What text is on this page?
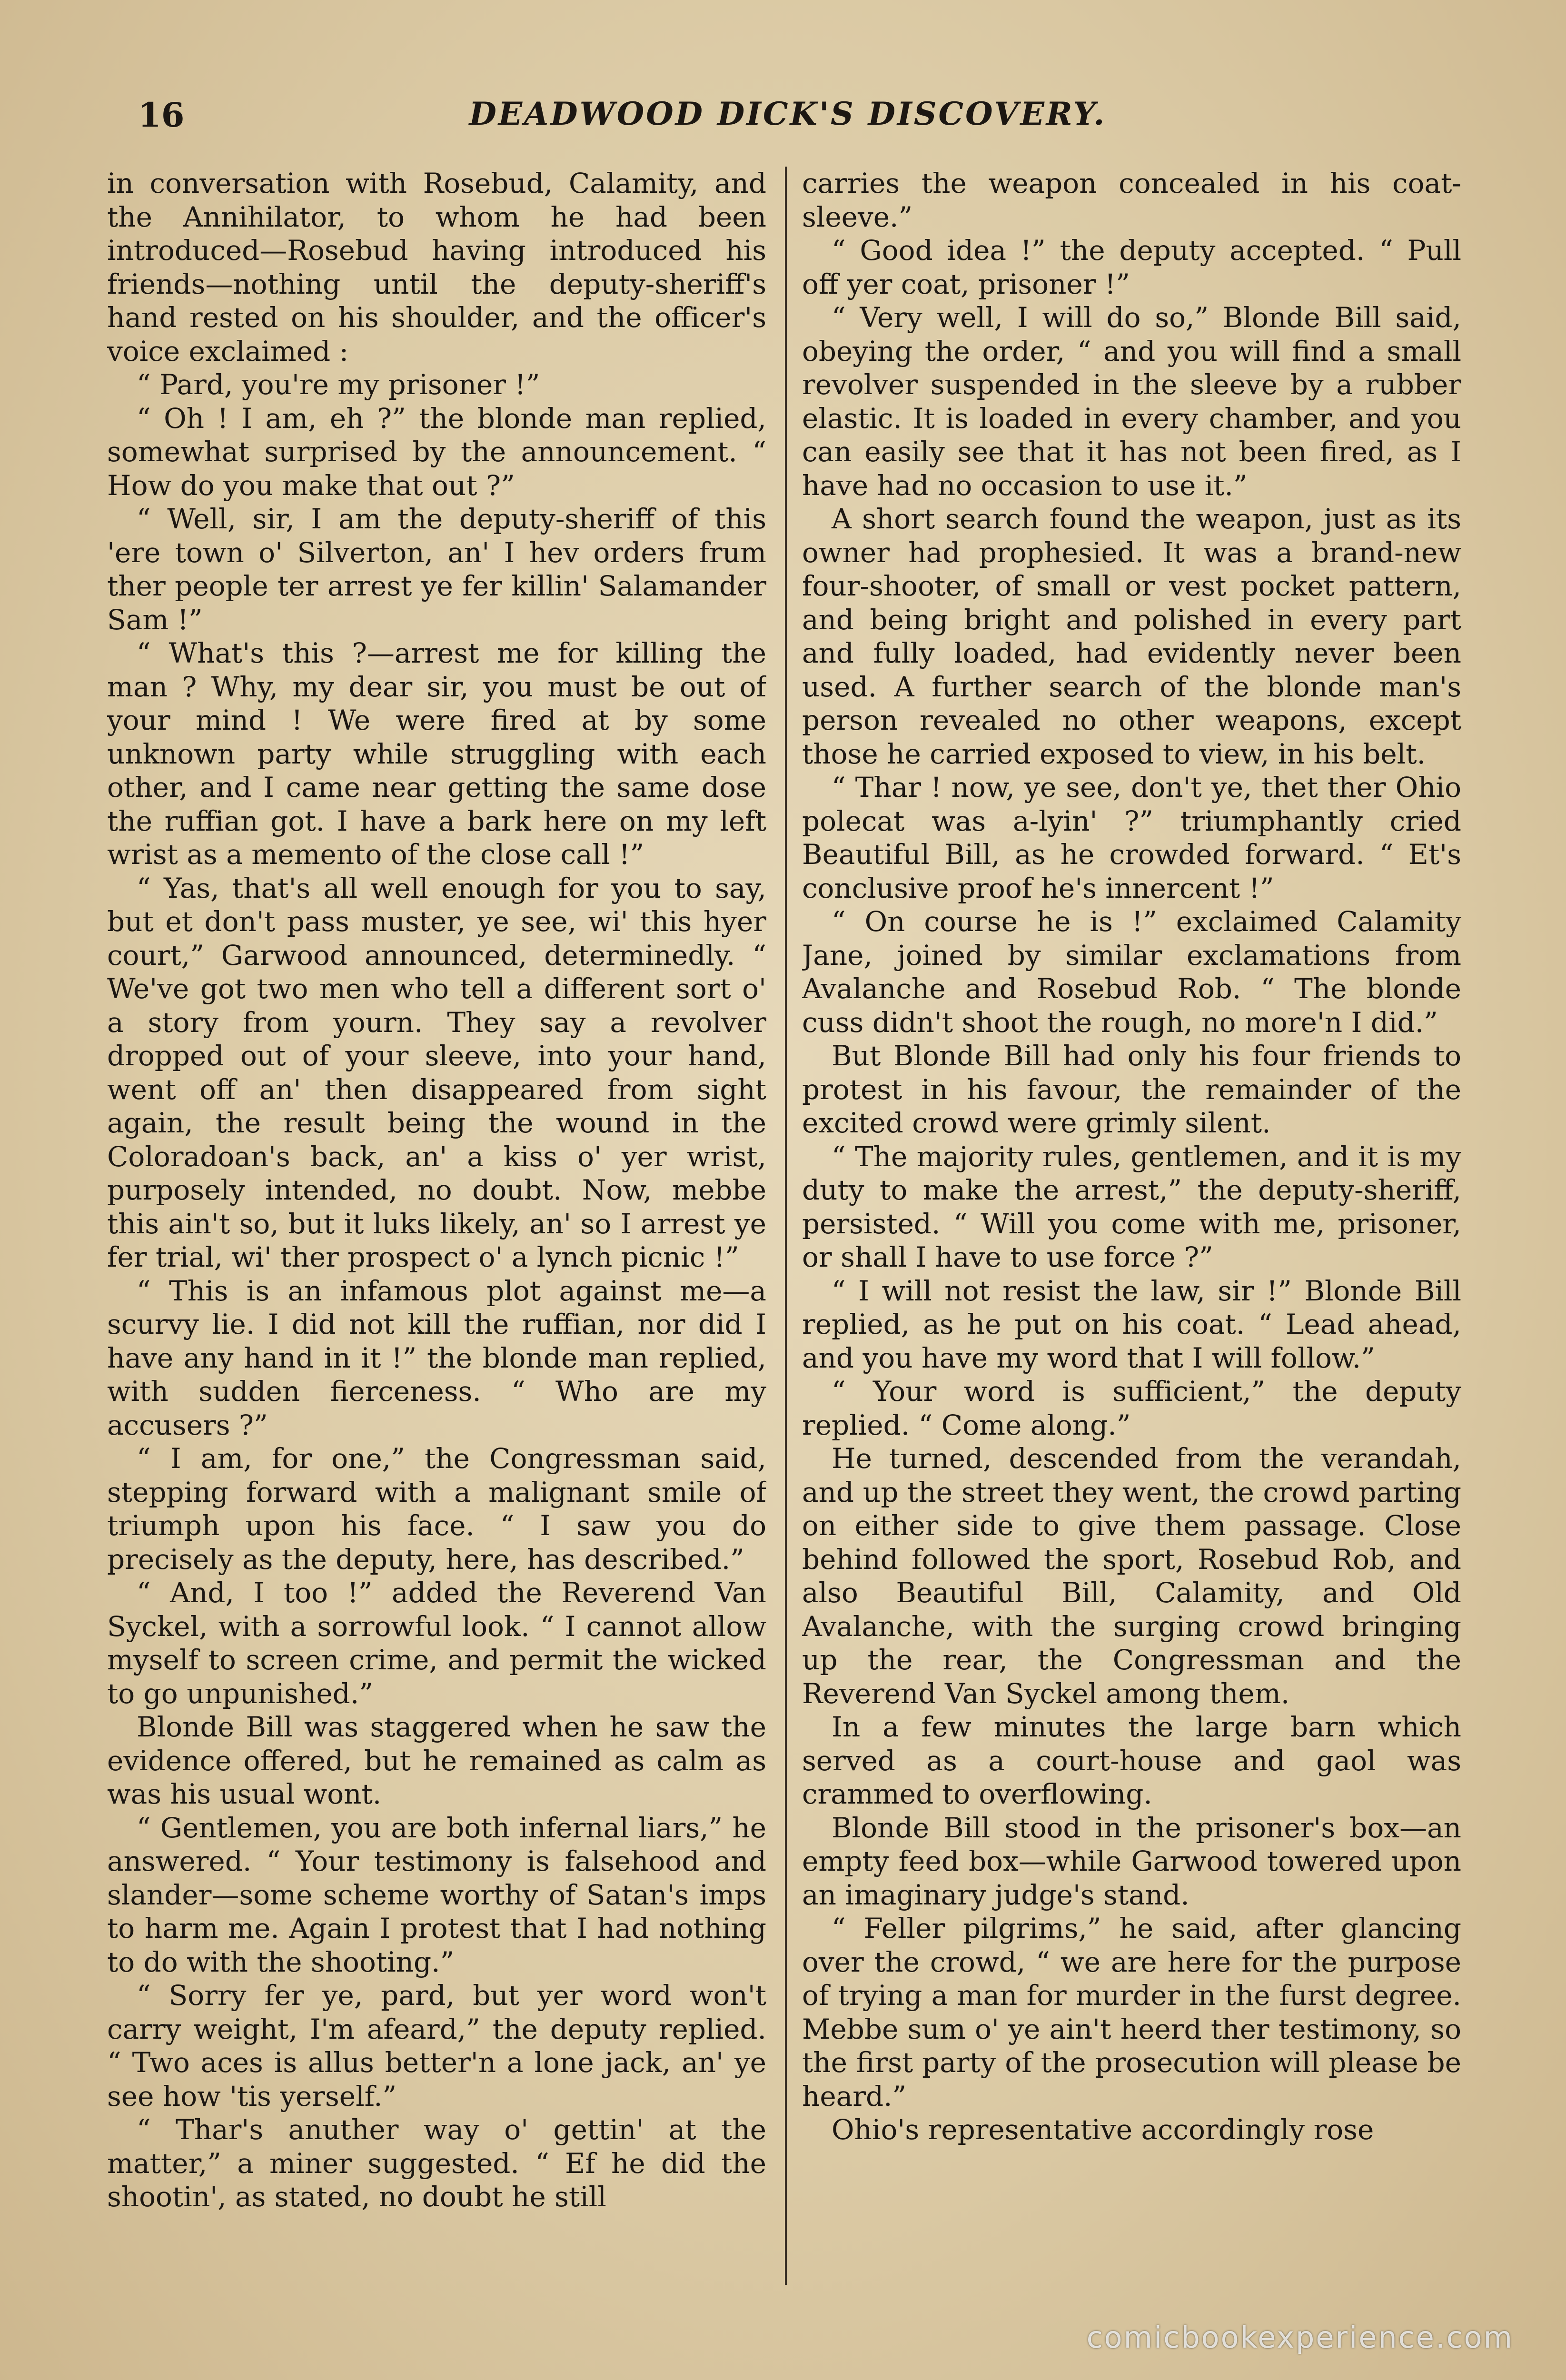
16	DEADWOOD DICK'S DISCOVERY.

in conversation with Rosebud, Calamity, and the Annihilator, to whom he had been introduced—Rosebud having introduced his friends—nothing until the deputy-sheriff's hand rested on his shoulder, and the officer's voice exclaimed :

“ Pard, you're my prisoner !”

“ Oh ! I am, eh ?” the blonde man replied, somewhat surprised by the announcement. “ How do you make that out ?”

“ Well, sir, I am the deputy-sheriff of this 'ere town o' Silverton, an' I hev orders frum ther people ter arrest ye fer killin' Salamander Sam !”

“ What's this ?—arrest me for killing the man ? Why, my dear sir, you must be out of your mind ! We were fired at by some unknown party while struggling with each other, and I came near getting the same dose the ruffian got. I have a bark here on my left wrist as a memento of the close call !”

“ Yas, that's all well enough for you to say, but et don't pass muster, ye see, wi' this hyer court,” Garwood announced, determinedly. “ We've got two men who tell a different sort o' a story from yourn. They say a revolver dropped out of your sleeve, into your hand, went off an' then disappeared from sight again, the result being the wound in the Coloradoan's back, an' a kiss o' yer wrist, purposely intended, no doubt. Now, mebbe this ain't so, but it luks likely, an' so I arrest ye fer trial, wi' ther prospect o' a lynch picnic !”

“ This is an infamous plot against me—a scurvy lie. I did not kill the ruffian, nor did I have any hand in it !” the blonde man replied, with sudden fierceness. “ Who are my accusers ?”

“ I am, for one,” the Congressman said, stepping forward with a malignant smile of triumph upon his face. “ I saw you do precisely as the deputy, here, has described.”

“ And, I too !” added the Reverend Van Syckel, with a sorrowful look. “ I cannot allow myself to screen crime, and permit the wicked to go unpunished.”

Blonde Bill was staggered when he saw the evidence offered, but he remained as calm as was his usual wont.

“ Gentlemen, you are both infernal liars,” he answered. “ Your testimony is falsehood and slander—some scheme worthy of Satan's imps to harm me. Again I protest that I had nothing to do with the shooting.”

“ Sorry fer ye, pard, but yer word won't carry weight, I'm afeard,” the deputy replied. “ Two aces is allus better'n a lone jack, an' ye see how 'tis yerself.”

“ Thar's anuther way o' gettin' at the matter,” a miner suggested. “ Ef he did the shootin', as stated, no doubt he still

carries the weapon concealed in his coat-sleeve.”

“ Good idea !” the deputy accepted. “ Pull off yer coat, prisoner !”

“ Very well, I will do so,” Blonde Bill said, obeying the order, “ and you will find a small revolver suspended in the sleeve by a rubber elastic. It is loaded in every chamber, and you can easily see that it has not been fired, as I have had no occasion to use it.”

A short search found the weapon, just as its owner had prophesied. It was a brand-new four-shooter, of small or vest pocket pattern, and being bright and polished in every part and fully loaded, had evidently never been used. A further search of the blonde man's person revealed no other weapons, except those he carried exposed to view, in his belt.

“ Thar ! now, ye see, don't ye, thet ther Ohio polecat was a-lyin' ?” triumphantly cried Beautiful Bill, as he crowded forward. “ Et's conclusive proof he's innercent !”

“ On course he is !” exclaimed Calamity Jane, joined by similar exclamations from Avalanche and Rosebud Rob. “ The blonde cuss didn't shoot the rough, no more'n I did.”

But Blonde Bill had only his four friends to protest in his favour, the remainder of the excited crowd were grimly silent.

“ The majority rules, gentlemen, and it is my duty to make the arrest,” the deputy-sheriff, persisted. “ Will you come with me, prisoner, or shall I have to use force ?”

“ I will not resist the law, sir !” Blonde Bill replied, as he put on his coat. “ Lead ahead, and you have my word that I will follow.”

“ Your word is sufficient,” the deputy replied. “ Come along.”

He turned, descended from the verandah, and up the street they went, the crowd parting on either side to give them passage. Close behind followed the sport, Rosebud Rob, and also Beautiful Bill, Calamity, and Old Avalanche, with the surging crowd bringing up the rear, the Congressman and the Reverend Van Syckel among them.

In a few minutes the large barn which served as a court-house and gaol was crammed to overflowing.

Blonde Bill stood in the prisoner's box—an empty feed box—while Garwood towered upon an imaginary judge's stand.

“ Feller pilgrims,” he said, after glancing over the crowd, “ we are here for the purpose of trying a man for murder in the furst degree. Mebbe sum o' ye ain't heerd ther testimony, so the first party of the prosecution will please be heard.”

Ohio's representative accordingly rose

comicbookexperience.com
